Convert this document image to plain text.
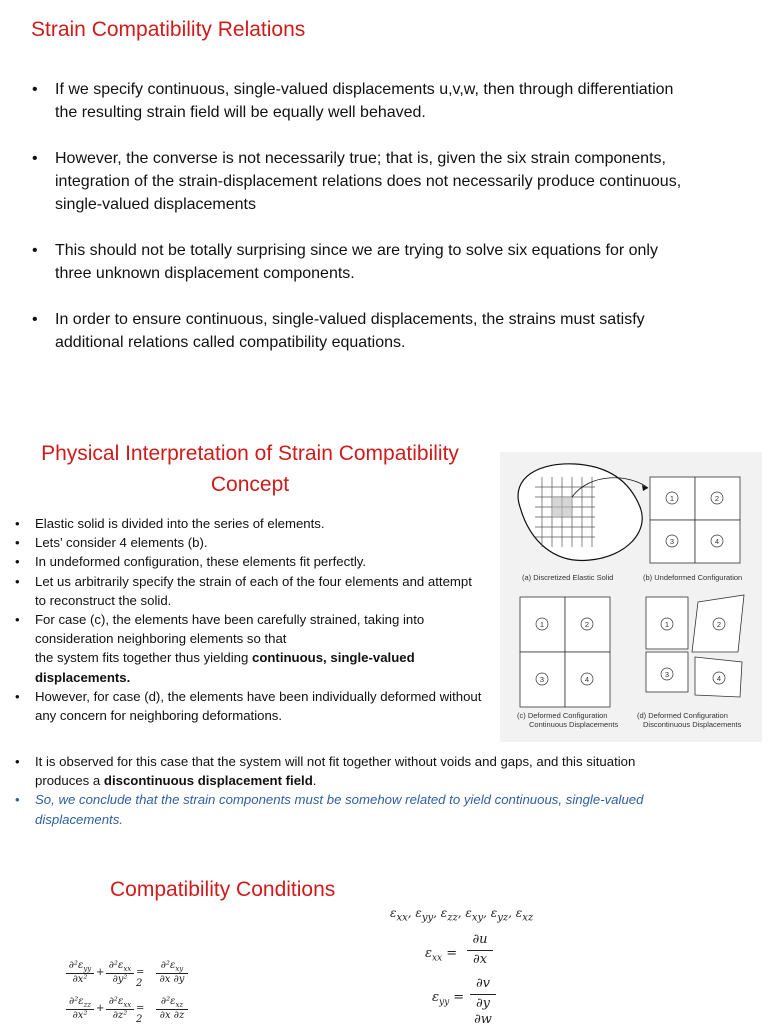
Strain Compatibility Relations
• If we specify continuous, single-valued displacements u,v,w, then through differentiation the resulting strain field will be equally well behaved.
• However, the converse is not necessarily true; that is, given the six strain components, integration of the strain-displacement relations does not necessarily produce continuous, single-valued displacements
• This should not be totally surprising since we are trying to solve six equations for only three unknown displacement components.
• In order to ensure continuous, single-valued displacements, the strains must satisfy additional relations called compatibility equations.
Physical Interpretation of Strain Compatibility Concept
• Elastic solid is divided into the series of elements.
• Lets’ consider 4 elements (b).
• In undeformed configuration, these elements fit perfectly.
• Let us arbitrarily specify the strain of each of the four elements and attempt to reconstruct the solid.
• For case (c), the elements have been carefully strained, taking into consideration neighboring elements so that
the system fits together thus yielding continuous, single-valued displacements.
• However, for case (d), the elements have been individually deformed without any concern for neighboring deformations.
• It is observed for this case that the system will not fit together without voids and gaps, and this situation produces a discontinuous displacement field.
• So, we conclude that the strain components must be somehow related to yield continuous, single-valued displacements.
(a) Discretized Elastic Solid
1	2
3	4
(b) Undeformed Configuration
1	2
3	4
(c) Deformed Configuration
Continuous Displacements
1	2
3	4
(d) Deformed Configuration
Discontinuous Displacements
Compatibility Conditions
$\varepsilon_{xx}$, $\varepsilon_{yy}$, $\varepsilon_{zz}$, $\varepsilon_{xy}$, $\varepsilon_{yz}$, $\varepsilon_{xz}$
$\varepsilon_{xx}$ =
∂u
∂x
$\varepsilon_{yy}$ =
∂v
∂y
∂w
$\partial^2\varepsilon_{yy}$
∂x²
+
$\partial^2\varepsilon_{xx}$
∂y²
= 2
$\partial^2\varepsilon_{xy}$
∂x ∂y
$\partial^2\varepsilon_{zz}$
∂x²
+
$\partial^2\varepsilon_{xx}$
∂z²
= 2
$\partial^2\varepsilon_{xz}$
∂x ∂z
